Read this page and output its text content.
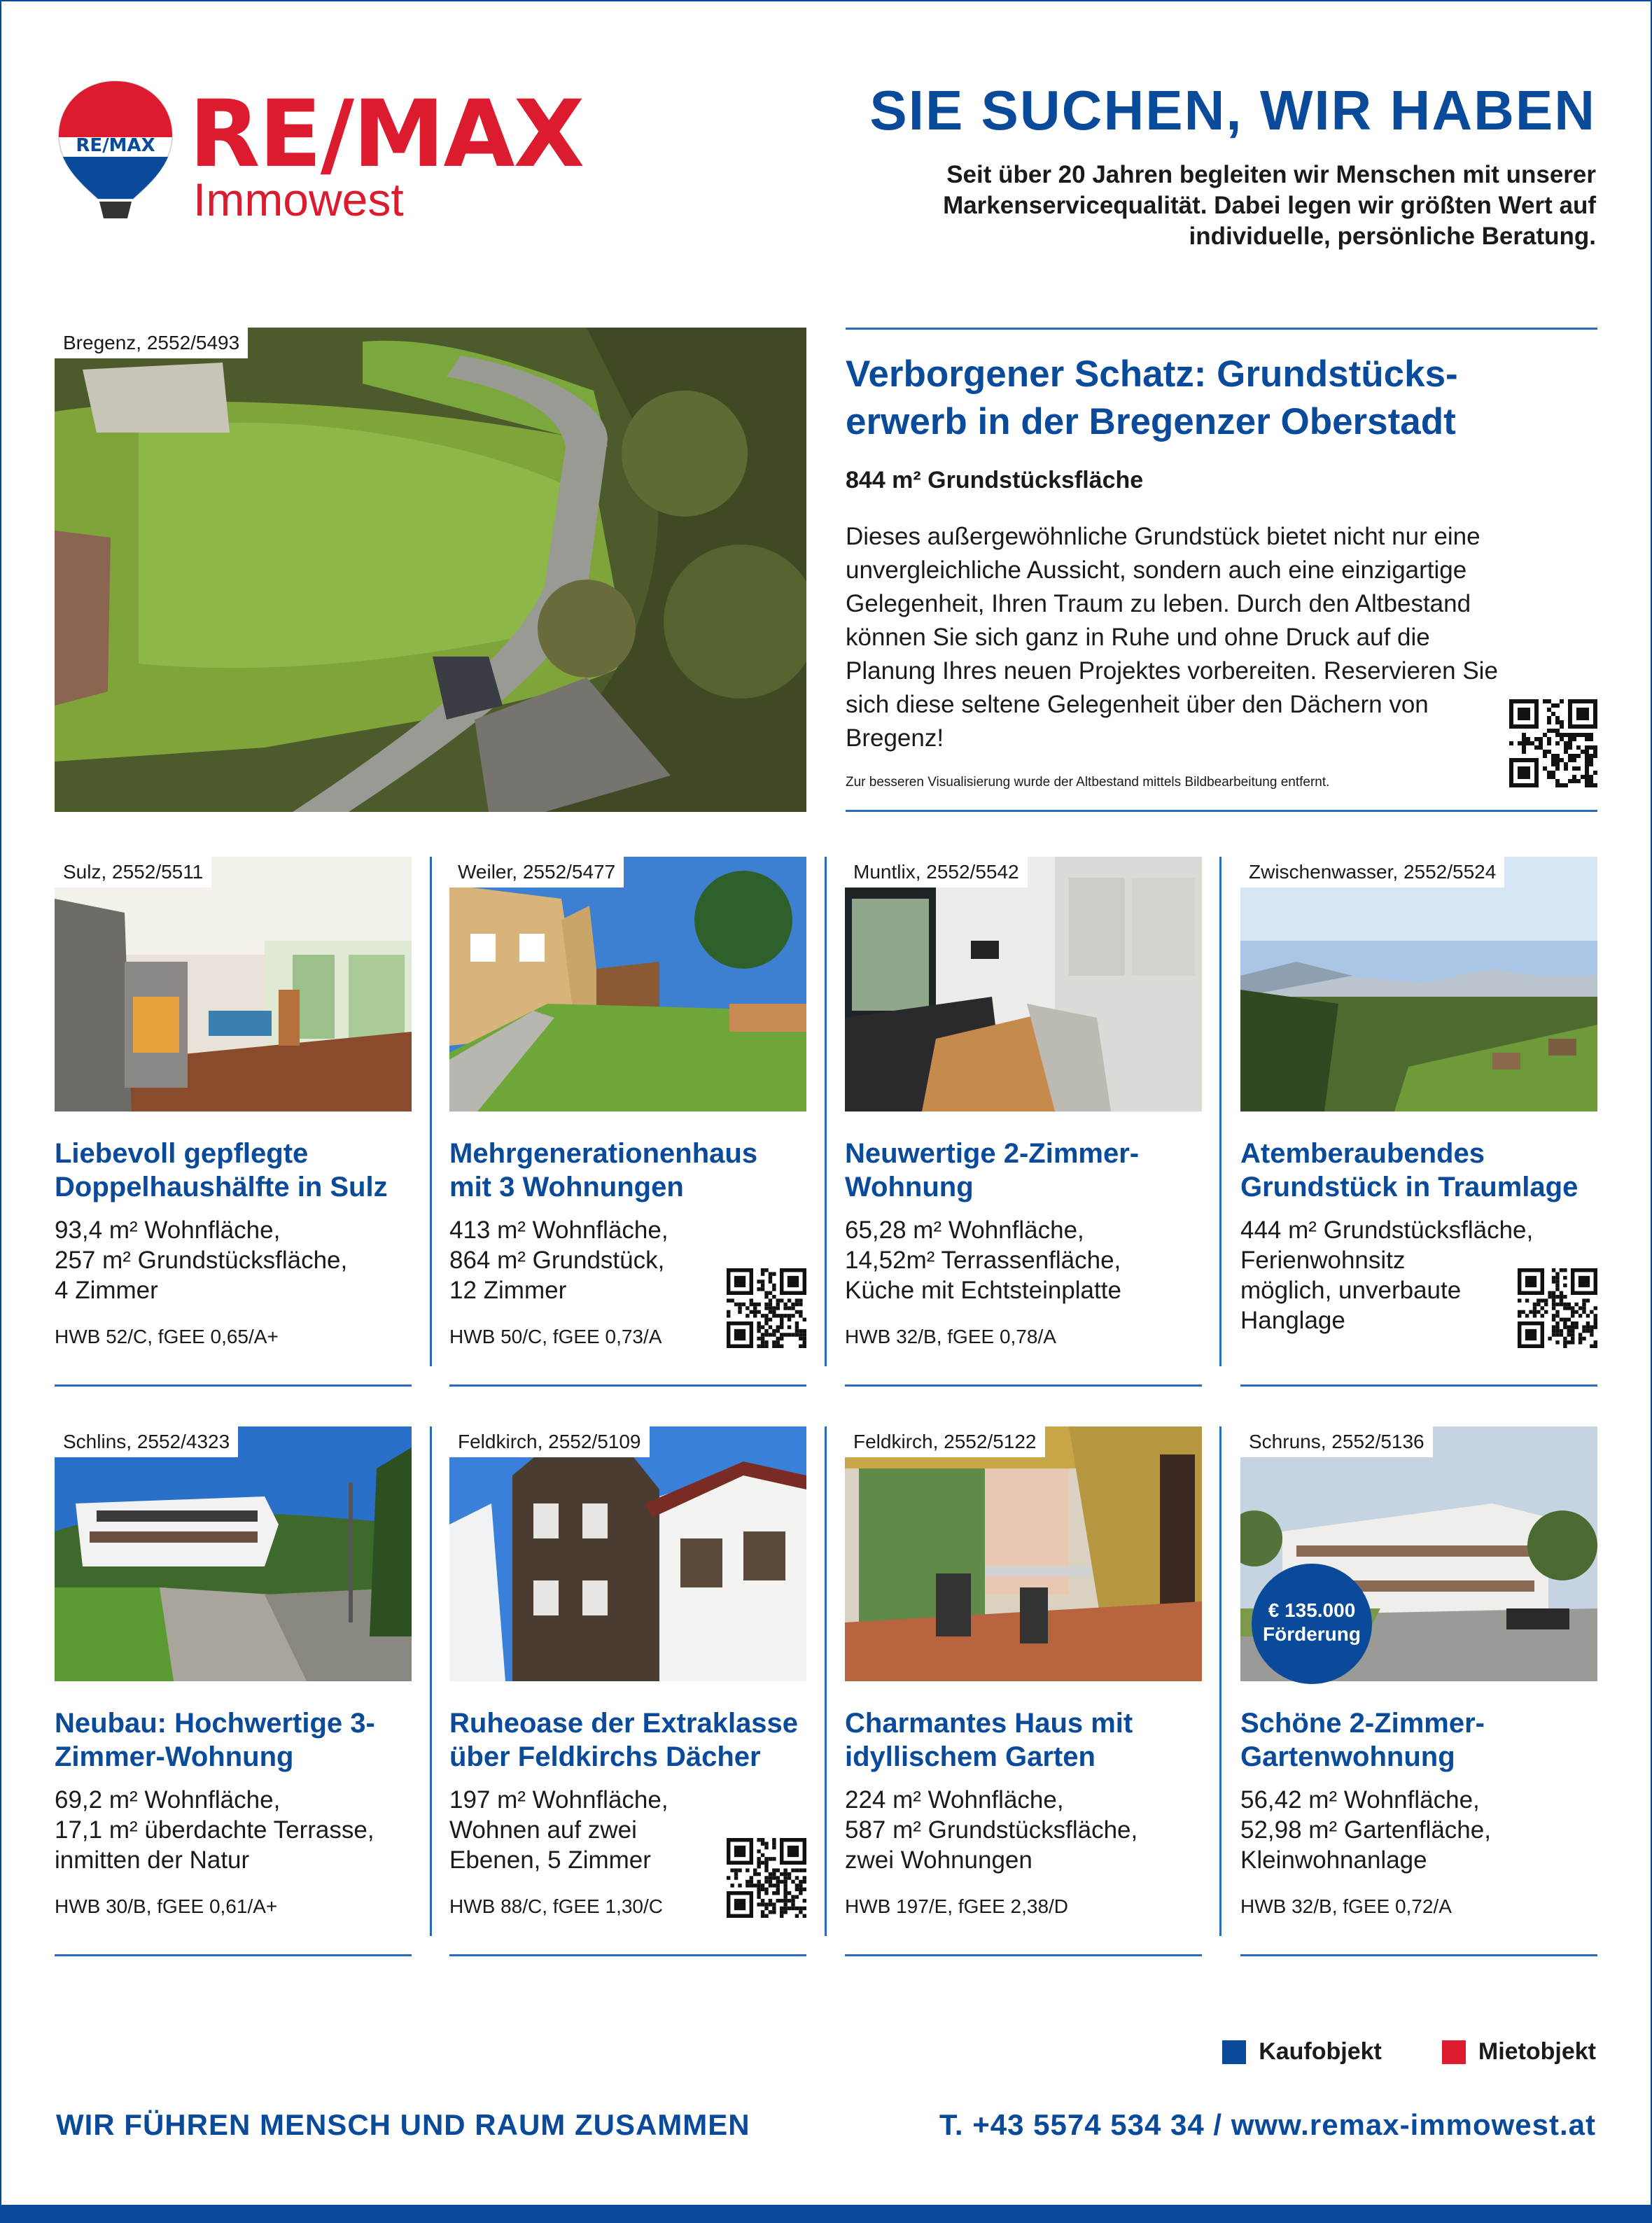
RE/MAX RE/MAX
Immowest
SIE SUCHEN, WIR HABEN
Seit über 20 Jahren begleiten wir Menschen mit unserer Markenservicequalität. Dabei legen wir größten Wert auf individuelle, persönliche Beratung.
Bregenz, 2552/5493
Verborgener Schatz: Grundstücks-erwerb in der Bregenzer Oberstadt
844 m² Grundstücksfläche
Dieses außergewöhnliche Grundstück bietet nicht nur eine unvergleichliche Aussicht, sondern auch eine einzigartige Gelegenheit, Ihren Traum zu leben. Durch den Altbestand können Sie sich ganz in Ruhe und ohne Druck auf die Planung Ihres neuen Projektes vorbereiten. Reservieren Sie sich diese seltene Gelegenheit über den Dächern von Bregenz!
Zur besseren Visualisierung wurde der Altbestand mittels Bildbearbeitung entfernt.
Sulz, 2552/5511
Liebevoll gepflegte Doppelhaushälfte in Sulz
93,4 m² Wohnfläche,
257 m² Grundstücksfläche,
4 Zimmer
HWB 52/C, fGEE 0,65/A+
Weiler, 2552/5477
Mehrgenerationenhaus mit 3 Wohnungen
413 m² Wohnfläche,
864 m² Grundstück,
12 Zimmer
HWB 50/C, fGEE 0,73/A
Muntlix, 2552/5542
Neuwertige 2-Zimmer-Wohnung
65,28 m² Wohnfläche,
14,52m² Terrassenfläche,
Küche mit Echtsteinplatte
HWB 32/B, fGEE 0,78/A
Zwischenwasser, 2552/5524
Atemberaubendes Grundstück in Traumlage
444 m² Grundstücksfläche,
Ferienwohnsitz
möglich, unverbaute
Hanglage
Schlins, 2552/4323
Neubau: Hochwertige 3-Zimmer-Wohnung
69,2 m² Wohnfläche,
17,1 m² überdachte Terrasse,
inmitten der Natur
HWB 30/B, fGEE 0,61/A+
Feldkirch, 2552/5109
Ruheoase der Extraklasse über Feldkirchs Dächer
197 m² Wohnfläche,
Wohnen auf zwei
Ebenen, 5 Zimmer
HWB 88/C, fGEE 1,30/C
Feldkirch, 2552/5122
Charmantes Haus mit idyllischem Garten
224 m² Wohnfläche,
587 m² Grundstücksfläche,
zwei Wohnungen
HWB 197/E, fGEE 2,38/D
Schruns, 2552/5136
€ 135.000
Förderung
Schöne 2-Zimmer-Gartenwohnung
56,42 m² Wohnfläche,
52,98 m² Gartenfläche,
Kleinwohnanlage
HWB 32/B, fGEE 0,72/A
Kaufobjekt	Mietobjekt
WIR FÜHREN MENSCH UND RAUM ZUSAMMEN	T. +43 5574 534 34 / www.remax-immowest.at
